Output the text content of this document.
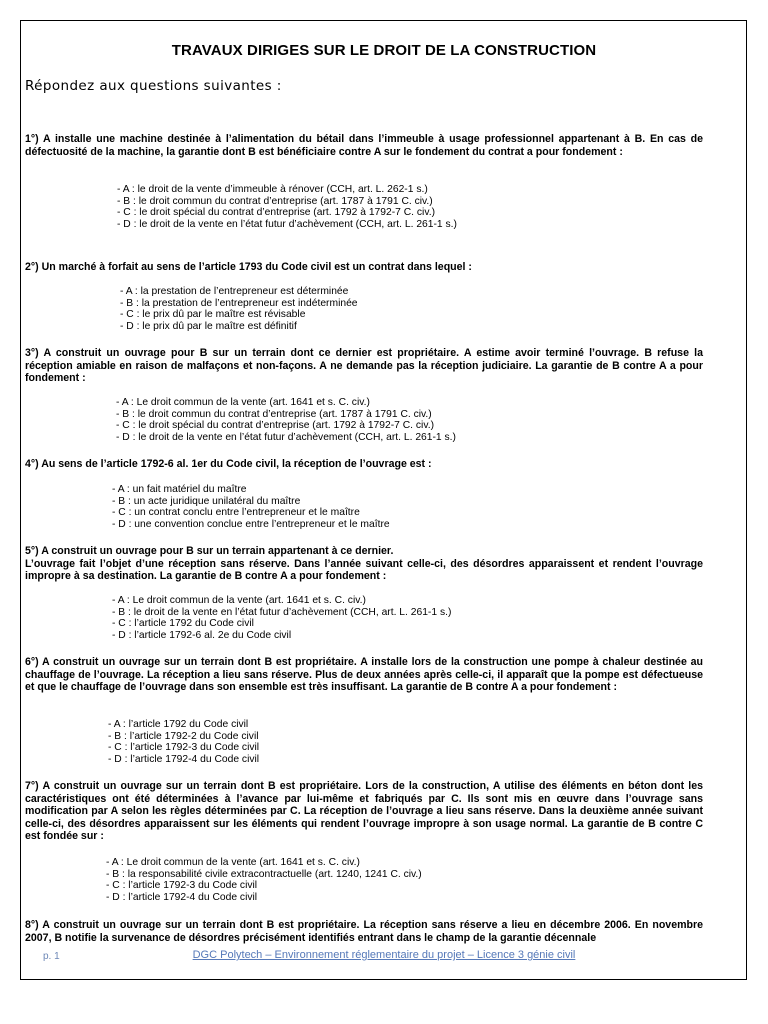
TRAVAUX DIRIGES SUR LE DROIT DE LA CONSTRUCTION
Répondez aux questions suivantes :
1°) A installe une machine destinée à l’alimentation du bétail dans l’immeuble à usage professionnel appartenant à B. En cas de défectuosité de la machine, la garantie dont B est bénéficiaire contre A sur le fondement du contrat a pour fondement :
- A : le droit de la vente d’immeuble à rénover (CCH, art. L. 262-1 s.)
- B : le droit commun du contrat d’entreprise (art. 1787 à 1791 C. civ.)
- C : le droit spécial du contrat d’entreprise (art. 1792 à 1792-7 C. civ.)
- D : le droit de la vente en l’état futur d’achèvement (CCH, art. L. 261-1 s.)
2°) Un marché à forfait au sens de l’article 1793 du Code civil est un contrat dans lequel :
- A : la prestation de l’entrepreneur est déterminée
- B : la prestation de l’entrepreneur est indéterminée
- C : le prix dû par le maître est révisable
- D : le prix dû par le maître est définitif
3°) A construit un ouvrage pour B sur un terrain dont ce dernier est propriétaire. A estime avoir terminé l’ouvrage. B refuse la réception amiable en raison de malfaçons et non-façons. A ne demande pas la réception judiciaire. La garantie de B contre A a pour fondement :
- A : Le droit commun de la vente (art. 1641 et s. C. civ.)
- B : le droit commun du contrat d’entreprise (art. 1787 à 1791 C. civ.)
- C : le droit spécial du contrat d’entreprise (art. 1792 à 1792-7 C. civ.)
- D : le droit de la vente en l’état futur d’achèvement (CCH, art. L. 261-1 s.)
4°) Au sens de l’article 1792-6 al. 1er du Code civil, la réception de l’ouvrage est :
- A : un fait matériel du maître
- B : un acte juridique unilatéral du maître
- C : un contrat conclu entre l’entrepreneur et le maître
- D : une convention conclue entre l’entrepreneur et le maître
5°) A construit un ouvrage pour B sur un terrain appartenant à ce dernier.
L’ouvrage fait l’objet d’une réception sans réserve. Dans l’année suivant celle-ci, des désordres apparaissent et rendent l’ouvrage impropre à sa destination. La garantie de B contre A a pour fondement :
- A : Le droit commun de la vente (art. 1641 et s. C. civ.)
- B : le droit de la vente en l’état futur d’achèvement (CCH, art. L. 261-1 s.)
- C : l’article 1792 du Code civil
- D : l’article 1792-6 al. 2e du Code civil
6°) A construit un ouvrage sur un terrain dont B est propriétaire. A installe lors de la construction une pompe à chaleur destinée au chauffage de l’ouvrage. La réception a lieu sans réserve. Plus de deux années après celle-ci, il apparaît que la pompe est défectueuse et que le chauffage de l’ouvrage dans son ensemble est très insuffisant. La garantie de B contre A a pour fondement :
- A : l’article 1792 du Code civil
- B : l’article 1792-2 du Code civil
- C : l’article 1792-3 du Code civil
- D : l’article 1792-4 du Code civil
7°) A construit un ouvrage sur un terrain dont B est propriétaire. Lors de la construction, A utilise des éléments en béton dont les caractéristiques ont été déterminées à l’avance par lui-même et fabriqués par C. Ils sont mis en œuvre dans l’ouvrage sans modification par A selon les règles déterminées par C. La réception de l’ouvrage a lieu sans réserve. Dans la deuxième année suivant celle-ci, des désordres apparaissent sur les éléments qui rendent l’ouvrage impropre à son usage normal. La garantie de B contre C est fondée sur :
- A : Le droit commun de la vente (art. 1641 et s. C. civ.)
- B : la responsabilité civile extracontractuelle (art. 1240, 1241 C. civ.)
- C : l’article 1792-3 du Code civil
- D : l’article 1792-4 du Code civil
8°) A construit un ouvrage sur un terrain dont B est propriétaire. La réception sans réserve a lieu en décembre 2006. En novembre 2007, B notifie la survenance de désordres précisément identifiés entrant dans le champ de la garantie décennale
p. 1	DGC Polytech – Environnement réglementaire du projet – Licence 3 génie civil
